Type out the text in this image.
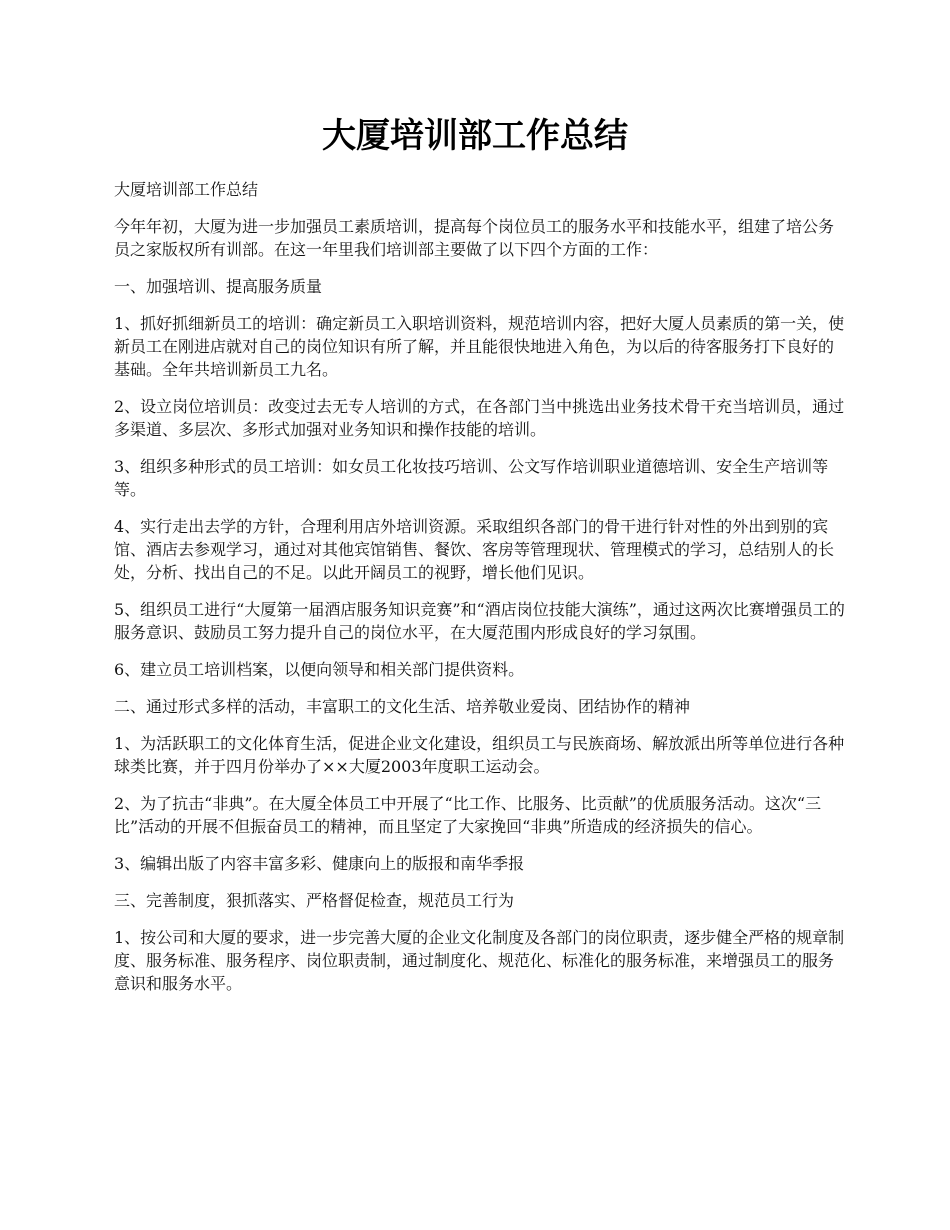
大厦培训部工作总结

大厦培训部工作总结

今年年初，大厦为进一步加强员工素质培训，提高每个岗位员工的服务水平和技能水平，组建了培公务员之家版权所有训部。在这一年里我们培训部主要做了以下四个方面的工作：

一、加强培训、提高服务质量

1、抓好抓细新员工的培训：确定新员工入职培训资料，规范培训内容，把好大厦人员素质的第一关，使新员工在刚进店就对自己的岗位知识有所了解，并且能很快地进入角色，为以后的待客服务打下良好的基础。全年共培训新员工九名。

2、设立岗位培训员：改变过去无专人培训的方式，在各部门当中挑选出业务技术骨干充当培训员，通过多渠道、多层次、多形式加强对业务知识和操作技能的培训。

3、组织多种形式的员工培训：如女员工化妆技巧培训、公文写作培训职业道德培训、安全生产培训等等。

4、实行走出去学的方针，合理利用店外培训资源。采取组织各部门的骨干进行针对性的外出到别的宾馆、酒店去参观学习，通过对其他宾馆销售、餐饮、客房等管理现状、管理模式的学习，总结别人的长处，分析、找出自己的不足。以此开阔员工的视野，增长他们见识。

5、组织员工进行“大厦第一届酒店服务知识竞赛”和“酒店岗位技能大演练”，通过这两次比赛增强员工的服务意识、鼓励员工努力提升自己的岗位水平，在大厦范围内形成良好的学习氛围。

6、建立员工培训档案，以便向领导和相关部门提供资料。

二、通过形式多样的活动，丰富职工的文化生活、培养敬业爱岗、团结协作的精神

1、为活跃职工的文化体育生活，促进企业文化建设，组织员工与民族商场、解放派出所等单位进行各种球类比赛，并于四月份举办了××大厦2003年度职工运动会。

2、为了抗击“非典”。在大厦全体员工中开展了“比工作、比服务、比贡献”的优质服务活动。这次“三比”活动的开展不但振奋员工的精神，而且坚定了大家挽回“非典”所造成的经济损失的信心。

3、编辑出版了内容丰富多彩、健康向上的版报和南华季报

三、完善制度，狠抓落实、严格督促检查，规范员工行为

1、按公司和大厦的要求，进一步完善大厦的企业文化制度及各部门的岗位职责，逐步健全严格的规章制度、服务标准、服务程序、岗位职责制，通过制度化、规范化、标准化的服务标准，来增强员工的服务意识和服务水平。
